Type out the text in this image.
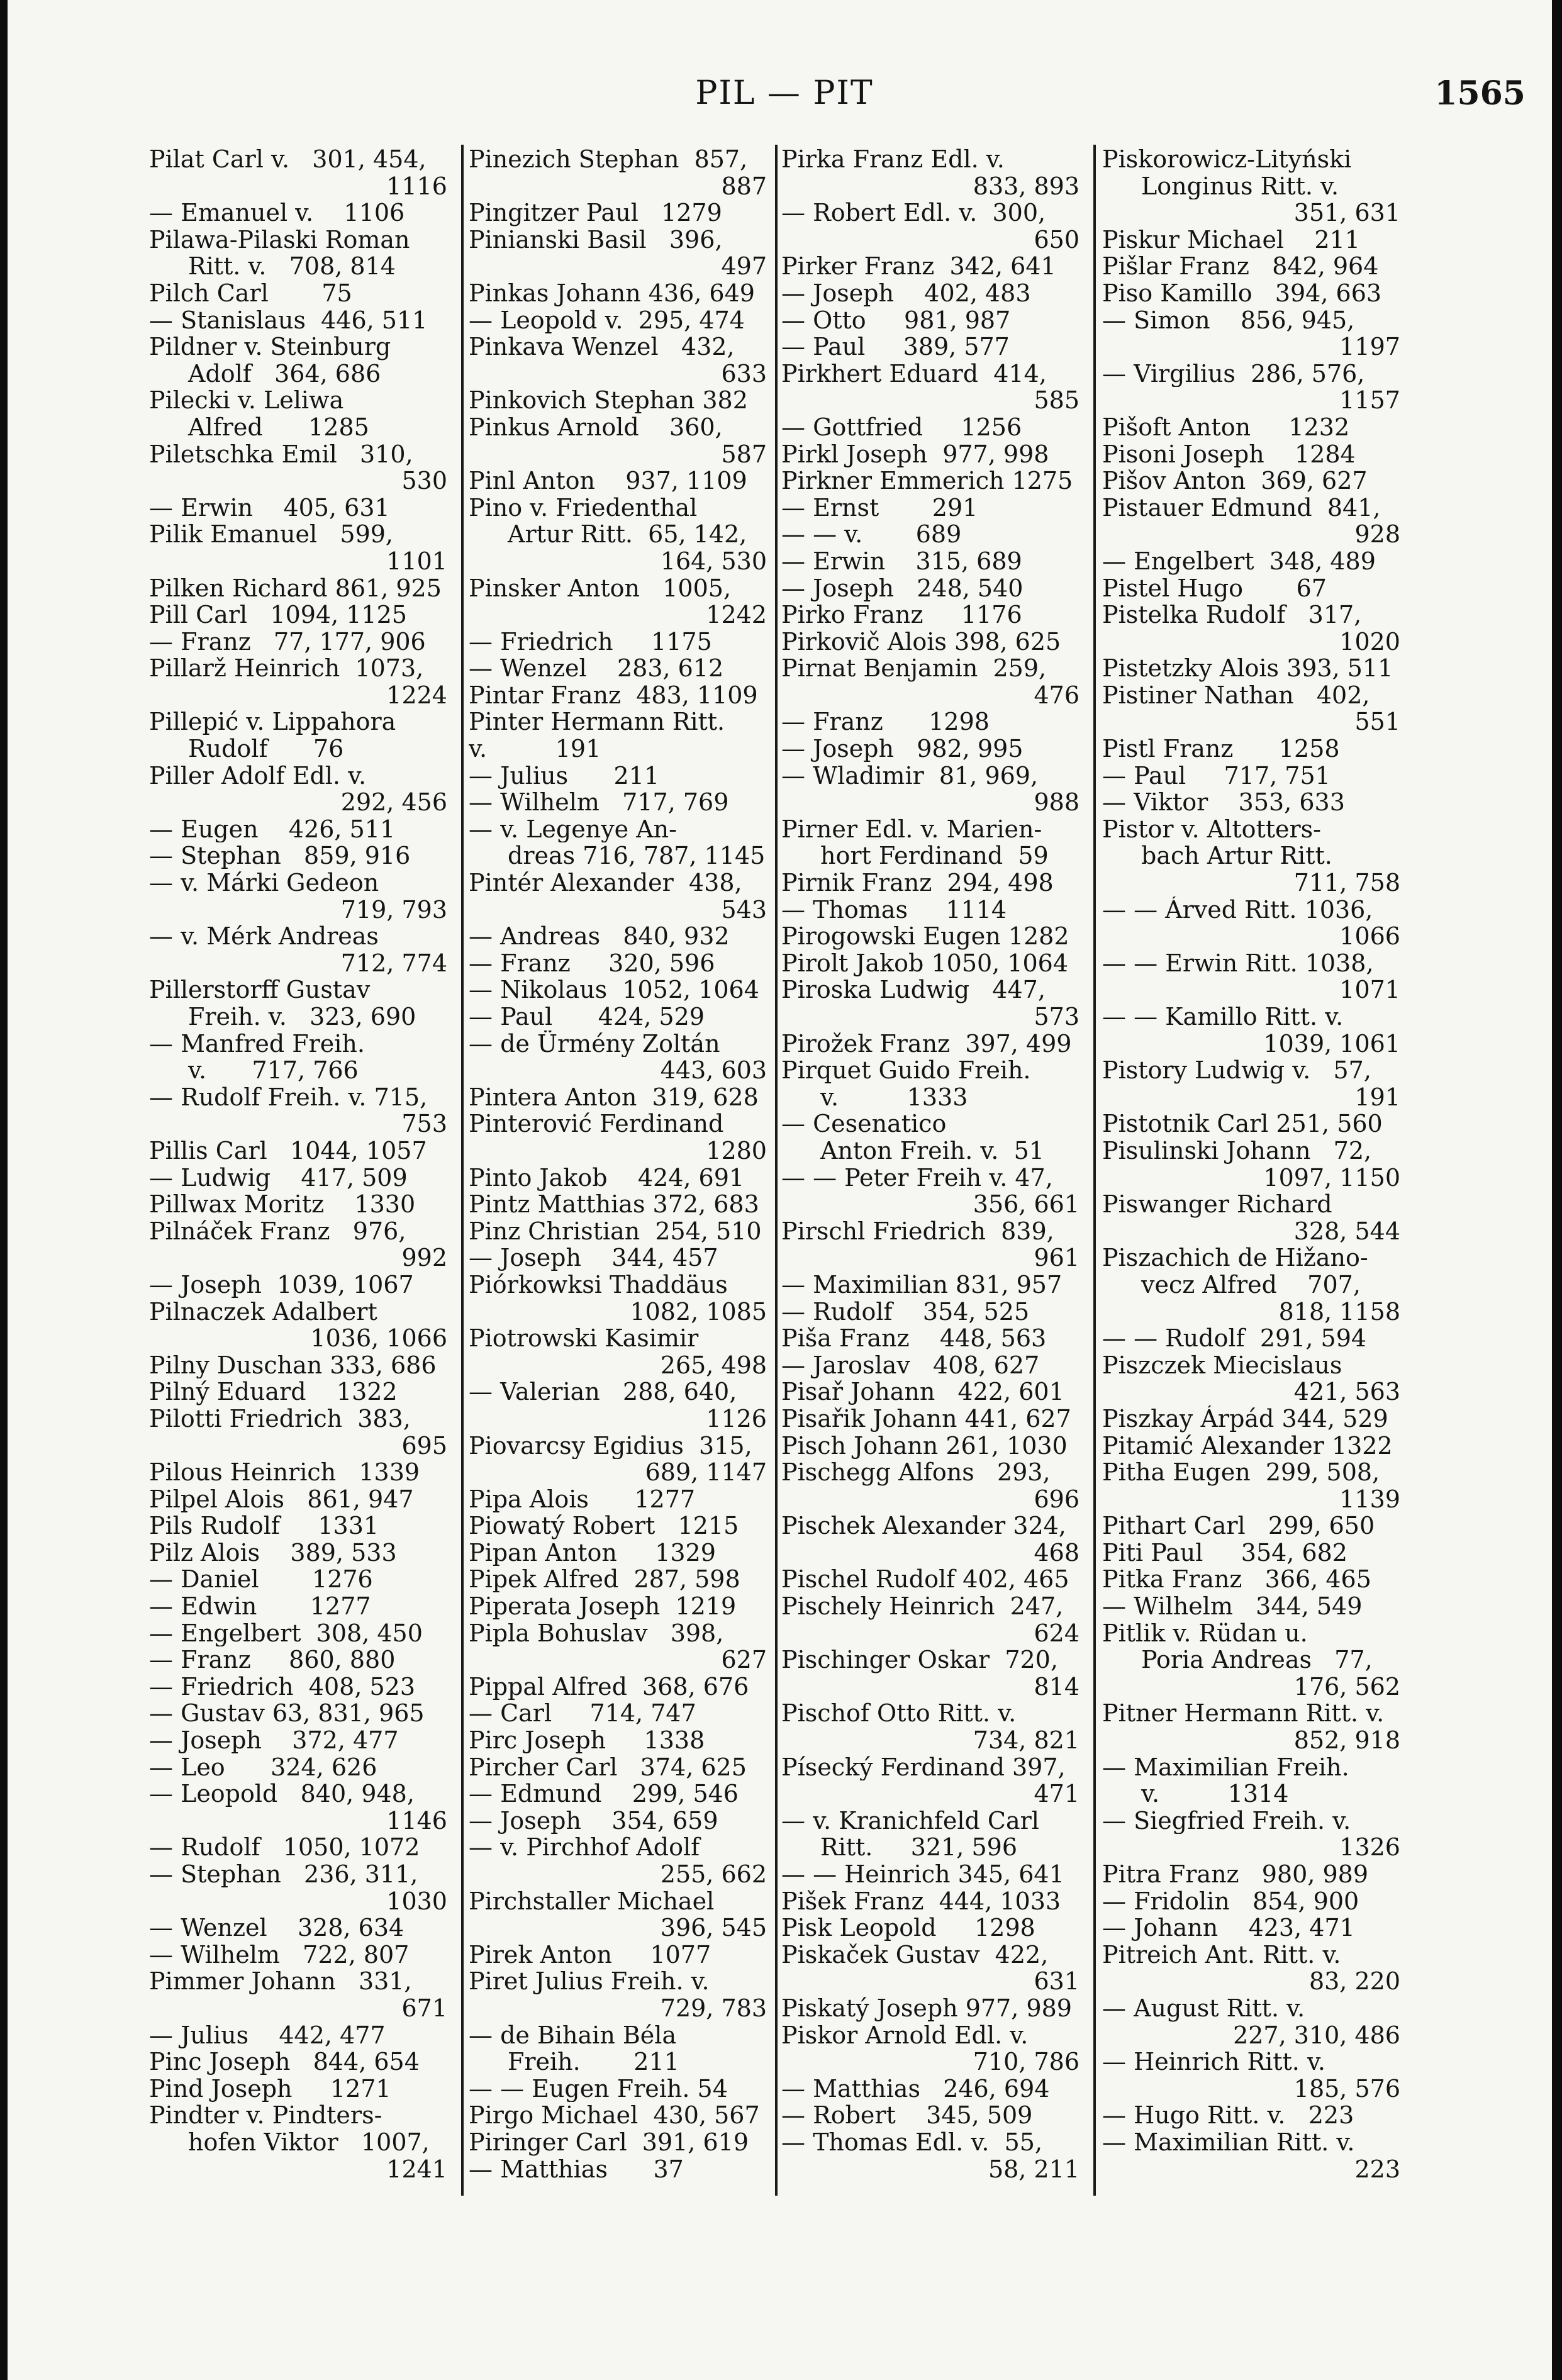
PIL — PIT	1565
Pilat Carl v.   301, 454,
1116
— Emanuel v.    1106
Pilawa-Pilaski Roman
Ritt. v.   708, 814
Pilch Carl       75
— Stanislaus  446, 511
Pildner v. Steinburg
Adolf   364, 686
Pilecki v. Leliwa
Alfred      1285
Piletschka Emil   310,
530
— Erwin    405, 631
Pilik Emanuel   599,
1101
Pilken Richard 861, 925
Pill Carl   1094, 1125
— Franz   77, 177, 906
Pillarž Heinrich  1073,
1224
Pillepić v. Lippahora
Rudolf      76
Piller Adolf Edl. v.
292, 456
— Eugen    426, 511
— Stephan   859, 916
— v. Márki Gedeon
719, 793
— v. Mérk Andreas
712, 774
Pillerstorff Gustav
Freih. v.   323, 690
— Manfred Freih.
v.      717, 766
— Rudolf Freih. v. 715,
753
Pillis Carl   1044, 1057
— Ludwig    417, 509
Pillwax Moritz    1330
Pilnáček Franz   976,
992
— Joseph  1039, 1067
Pilnaczek Adalbert
1036, 1066
Pilny Duschan 333, 686
Pilný Eduard    1322
Pilotti Friedrich  383,
695
Pilous Heinrich   1339
Pilpel Alois   861, 947
Pils Rudolf     1331
Pilz Alois    389, 533
— Daniel       1276
— Edwin       1277
— Engelbert  308, 450
— Franz     860, 880
— Friedrich  408, 523
— Gustav 63, 831, 965
— Joseph    372, 477
— Leo      324, 626
— Leopold   840, 948,
1146
— Rudolf   1050, 1072
— Stephan   236, 311,
1030
— Wenzel    328, 634
— Wilhelm   722, 807
Pimmer Johann   331,
671
— Julius    442, 477
Pinc Joseph   844, 654
Pind Joseph     1271
Pindter v. Pindters-
hofen Viktor   1007,
1241
Pinezich Stephan  857,
887
Pingitzer Paul   1279
Pinianski Basil   396,
497
Pinkas Johann 436, 649
— Leopold v.  295, 474
Pinkava Wenzel   432,
633
Pinkovich Stephan 382
Pinkus Arnold    360,
587
Pinl Anton    937, 1109
Pino v. Friedenthal
Artur Ritt.  65, 142,
164, 530
Pinsker Anton   1005,
1242
— Friedrich     1175
— Wenzel    283, 612
Pintar Franz  483, 1109
Pinter Hermann Ritt.
v.         191
— Julius      211
— Wilhelm   717, 769
— v. Legenye An-
dreas 716, 787, 1145
Pintér Alexander  438,
543
— Andreas   840, 932
— Franz     320, 596
— Nikolaus  1052, 1064
— Paul      424, 529
— de Ürmény Zoltán
443, 603
Pintera Anton  319, 628
Pinterović Ferdinand
1280
Pinto Jakob    424, 691
Pintz Matthias 372, 683
Pinz Christian  254, 510
— Joseph    344, 457
Piórkowksi Thaddäus
1082, 1085
Piotrowski Kasimir
265, 498
— Valerian   288, 640,
1126
Piovarcsy Egidius  315,
689, 1147
Pipa Alois      1277
Piowatý Robert   1215
Pipan Anton     1329
Pipek Alfred  287, 598
Piperata Joseph  1219
Pipla Bohuslav   398,
627
Pippal Alfred  368, 676
— Carl     714, 747
Pirc Joseph     1338
Pircher Carl   374, 625
— Edmund    299, 546
— Joseph    354, 659
— v. Pirchhof Adolf
255, 662
Pirchstaller Michael
396, 545
Pirek Anton     1077
Piret Julius Freih. v.
729, 783
— de Bihain Béla
Freih.       211
— — Eugen Freih. 54
Pirgo Michael  430, 567
Piringer Carl  391, 619
— Matthias      37
Pirka Franz Edl. v.
833, 893
— Robert Edl. v.  300,
650
Pirker Franz  342, 641
— Joseph    402, 483
— Otto     981, 987
— Paul     389, 577
Pirkhert Eduard  414,
585
— Gottfried     1256
Pirkl Joseph  977, 998
Pirkner Emmerich 1275
— Ernst       291
— — v.       689
— Erwin    315, 689
— Joseph   248, 540
Pirko Franz     1176
Pirkovič Alois 398, 625
Pirnat Benjamin  259,
476
— Franz      1298
— Joseph   982, 995
— Wladimir  81, 969,
988
Pirner Edl. v. Marien-
hort Ferdinand  59
Pirnik Franz  294, 498
— Thomas     1114
Pirogowski Eugen 1282
Pirolt Jakob 1050, 1064
Piroska Ludwig   447,
573
Pirožek Franz  397, 499
Pirquet Guido Freih.
v.         1333
— Cesenatico
Anton Freih. v.  51
— — Peter Freih v. 47,
356, 661
Pirschl Friedrich  839,
961
— Maximilian 831, 957
— Rudolf    354, 525
Piša Franz    448, 563
— Jaroslav   408, 627
Pisař Johann   422, 601
Pisařik Johann 441, 627
Pisch Johann 261, 1030
Pischegg Alfons   293,
696
Pischek Alexander 324,
468
Pischel Rudolf 402, 465
Pischely Heinrich  247,
624
Pischinger Oskar  720,
814
Pischof Otto Ritt. v.
734, 821
Písecký Ferdinand 397,
471
— v. Kranichfeld Carl
Ritt.     321, 596
— — Heinrich 345, 641
Pišek Franz  444, 1033
Pisk Leopold     1298
Piskaček Gustav  422,
631
Piskatý Joseph 977, 989
Piskor Arnold Edl. v.
710, 786
— Matthias   246, 694
— Robert    345, 509
— Thomas Edl. v.  55,
58, 211
Piskorowicz-Lityński
Longinus Ritt. v.
351, 631
Piskur Michael    211
Pišlar Franz   842, 964
Piso Kamillo   394, 663
— Simon    856, 945,
1197
— Virgilius  286, 576,
1157
Pišoft Anton     1232
Pisoni Joseph    1284
Pišov Anton  369, 627
Pistauer Edmund  841,
928
— Engelbert  348, 489
Pistel Hugo       67
Pistelka Rudolf   317,
1020
Pistetzky Alois 393, 511
Pistiner Nathan   402,
551
Pistl Franz      1258
— Paul     717, 751
— Viktor    353, 633
Pistor v. Altotters-
bach Artur Ritt.
711, 758
— — Árved Ritt. 1036,
1066
— — Erwin Ritt. 1038,
1071
— — Kamillo Ritt. v.
1039, 1061
Pistory Ludwig v.   57,
191
Pistotnik Carl 251, 560
Pisulinski Johann   72,
1097, 1150
Piswanger Richard
328, 544
Piszachich de Hižano-
vecz Alfred    707,
818, 1158
— — Rudolf  291, 594
Piszczek Miecislaus
421, 563
Piszkay Árpád 344, 529
Pitamić Alexander 1322
Pitha Eugen  299, 508,
1139
Pithart Carl   299, 650
Piti Paul     354, 682
Pitka Franz   366, 465
— Wilhelm   344, 549
Pitlik v. Rüdan u.
Poria Andreas   77,
176, 562
Pitner Hermann Ritt. v.
852, 918
— Maximilian Freih.
v.         1314
— Siegfried Freih. v.
1326
Pitra Franz   980, 989
— Fridolin   854, 900
— Johann    423, 471
Pitreich Ant. Ritt. v.
83, 220
— August Ritt. v.
227, 310, 486
— Heinrich Ritt. v.
185, 576
— Hugo Ritt. v.   223
— Maximilian Ritt. v.
223
